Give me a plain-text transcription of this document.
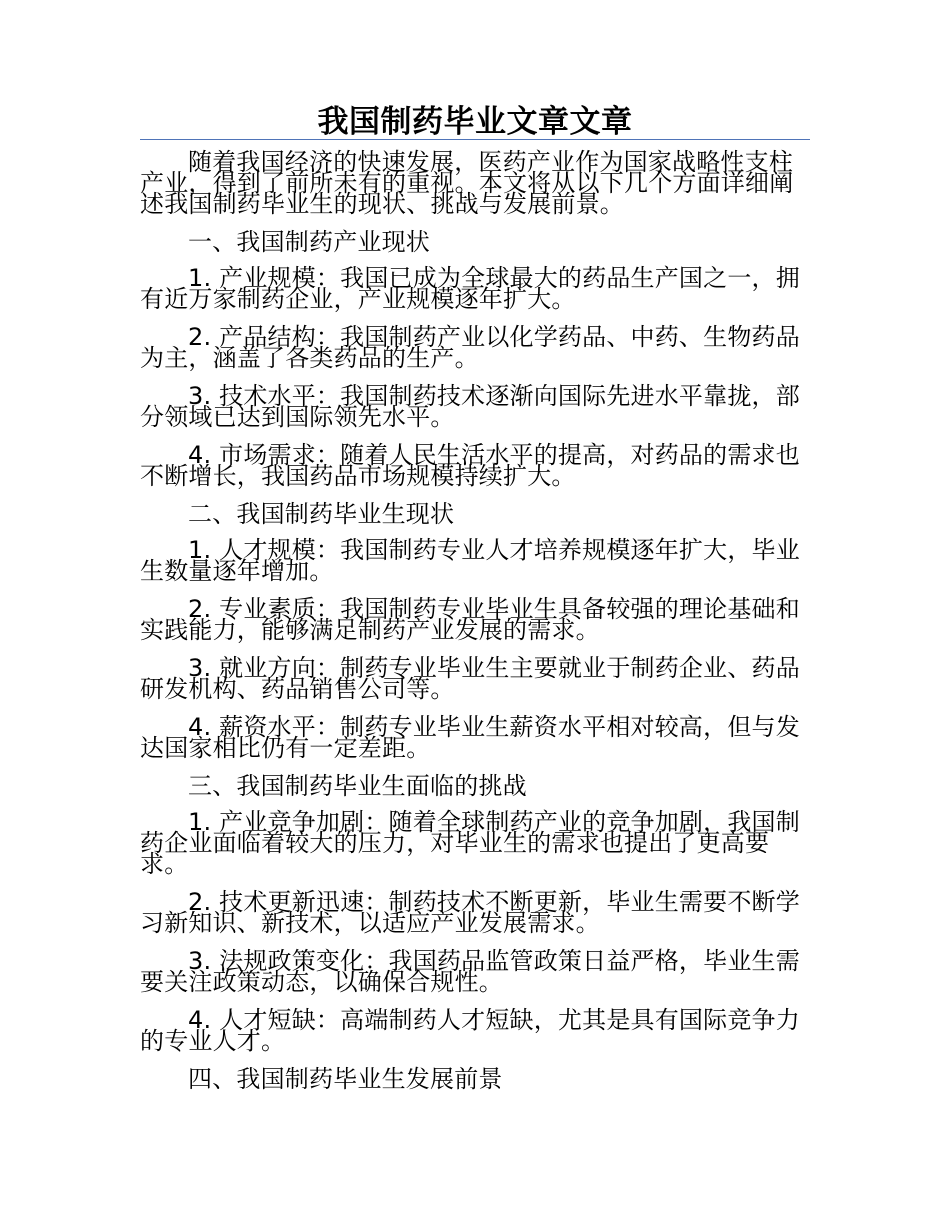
我国制药毕业文章文章

随着我国经济的快速发展，医药产业作为国家战略性支柱产业，得到了前所未有的重视。本文将从以下几个方面详细阐述我国制药毕业生的现状、挑战与发展前景。

一、我国制药产业现状

1. 产业规模：我国已成为全球最大的药品生产国之一，拥有近万家制药企业，产业规模逐年扩大。

2. 产品结构：我国制药产业以化学药品、中药、生物药品为主，涵盖了各类药品的生产。

3. 技术水平：我国制药技术逐渐向国际先进水平靠拢，部分领域已达到国际领先水平。

4. 市场需求：随着人民生活水平的提高，对药品的需求也不断增长，我国药品市场规模持续扩大。

二、我国制药毕业生现状

1. 人才规模：我国制药专业人才培养规模逐年扩大，毕业生数量逐年增加。

2. 专业素质：我国制药专业毕业生具备较强的理论基础和实践能力，能够满足制药产业发展的需求。

3. 就业方向：制药专业毕业生主要就业于制药企业、药品研发机构、药品销售公司等。

4. 薪资水平：制药专业毕业生薪资水平相对较高，但与发达国家相比仍有一定差距。

三、我国制药毕业生面临的挑战

1. 产业竞争加剧：随着全球制药产业的竞争加剧，我国制药企业面临着较大的压力，对毕业生的需求也提出了更高要求。

2. 技术更新迅速：制药技术不断更新，毕业生需要不断学习新知识、新技术，以适应产业发展需求。

3. 法规政策变化：我国药品监管政策日益严格，毕业生需要关注政策动态，以确保合规性。

4. 人才短缺：高端制药人才短缺，尤其是具有国际竞争力的专业人才。

四、我国制药毕业生发展前景
